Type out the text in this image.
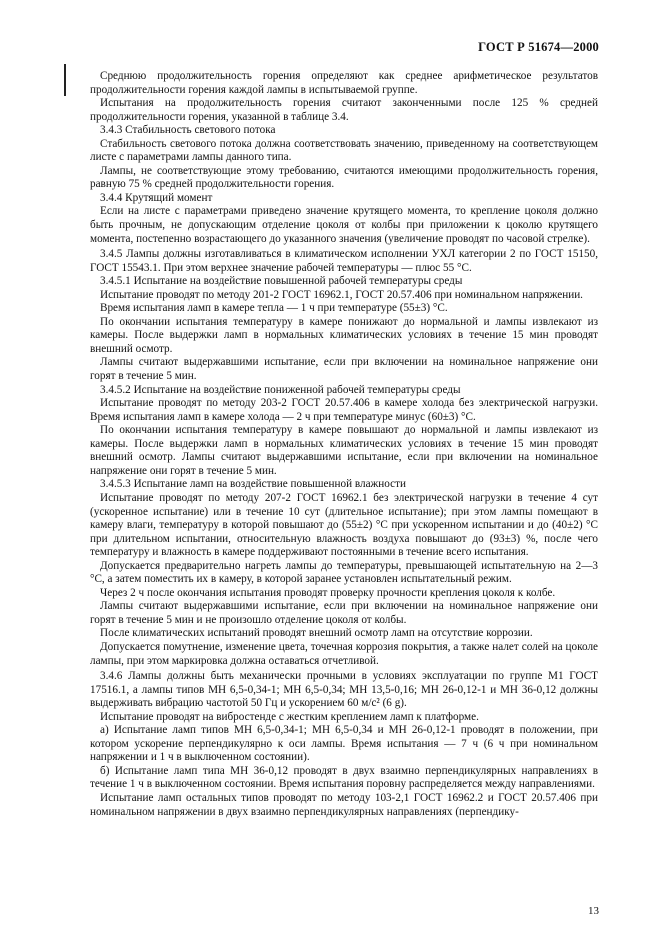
ГОСТ Р 51674—2000

Среднюю продолжительность горения определяют как среднее арифметическое результатов продолжительности горения каждой лампы в испытываемой группе.

Испытания на продолжительность горения считают законченными после 125 % средней продолжительности горения, указанной в таблице 3.4.

3.4.3 Стабильность светового потока

Стабильность светового потока должна соответствовать значению, приведенному на соответствующем листе с параметрами лампы данного типа.

Лампы, не соответствующие этому требованию, считаются имеющими продолжительность горения, равную 75 % средней продолжительности горения.

3.4.4 Крутящий момент

Если на листе с параметрами приведено значение крутящего момента, то крепление цоколя должно быть прочным, не допускающим отделение цоколя от колбы при приложении к цоколю крутящего момента, постепенно возрастающего до указанного значения (увеличение проводят по часовой стрелке).

3.4.5 Лампы должны изготавливаться в климатическом исполнении УХЛ категории 2 по ГОСТ 15150, ГОСТ 15543.1. При этом верхнее значение рабочей температуры — плюс 55 °С.

3.4.5.1 Испытание на воздействие повышенной рабочей температуры среды

Испытание проводят по методу 201-2 ГОСТ 16962.1, ГОСТ 20.57.406 при номинальном напряжении.

Время испытания ламп в камере тепла — 1 ч при температуре (55±3) °С.

По окончании испытания температуру в камере понижают до нормальной и лампы извлекают из камеры. После выдержки ламп в нормальных климатических условиях в течение 15 мин проводят внешний осмотр.

Лампы считают выдержавшими испытание, если при включении на номинальное напряжение они горят в течение 5 мин.

3.4.5.2 Испытание на воздействие пониженной рабочей температуры среды

Испытание проводят по методу 203-2 ГОСТ 20.57.406 в камере холода без электрической нагрузки. Время испытания ламп в камере холода — 2 ч при температуре минус (60±3) °С.

По окончании испытания температуру в камере повышают до нормальной и лампы извлекают из камеры. После выдержки ламп в нормальных климатических условиях в течение 15 мин проводят внешний осмотр. Лампы считают выдержавшими испытание, если при включении на номинальное напряжение они горят в течение 5 мин.

3.4.5.3 Испытание ламп на воздействие повышенной влажности

Испытание проводят по методу 207-2 ГОСТ 16962.1 без электрической нагрузки в течение 4 сут (ускоренное испытание) или в течение 10 сут (длительное испытание); при этом лампы помещают в камеру влаги, температуру в которой повышают до (55±2) °С при ускоренном испытании и до (40±2) °С при длительном испытании, относительную влажность воздуха повышают до (93±3) %, после чего температуру и влажность в камере поддерживают постоянными в течение всего испытания.

Допускается предварительно нагреть лампы до температуры, превышающей испытательную на 2—3 °С, а затем поместить их в камеру, в которой заранее установлен испытательный режим.

Через 2 ч после окончания испытания проводят проверку прочности крепления цоколя к колбе.

Лампы считают выдержавшими испытание, если при включении на номинальное напряжение они горят в течение 5 мин и не произошло отделение цоколя от колбы.

После климатических испытаний проводят внешний осмотр ламп на отсутствие коррозии.

Допускается помутнение, изменение цвета, точечная коррозия покрытия, а также налет солей на цоколе лампы, при этом маркировка должна оставаться отчетливой.

3.4.6 Лампы должны быть механически прочными в условиях эксплуатации по группе М1 ГОСТ 17516.1, а лампы типов МН 6,5-0,34-1; МН 6,5-0,34; МН 13,5-0,16; МН 26-0,12-1 и МН 36-0,12 должны выдерживать вибрацию частотой 50 Гц и ускорением 60 м/с² (6 g).

Испытание проводят на вибростенде с жестким креплением ламп к платформе.

а) Испытание ламп типов МН 6,5-0,34-1; МН 6,5-0,34 и МН 26-0,12-1 проводят в положении, при котором ускорение перпендикулярно к оси лампы. Время испытания — 7 ч (6 ч при номинальном напряжении и 1 ч в выключенном состоянии).

б) Испытание ламп типа МН 36-0,12 проводят в двух взаимно перпендикулярных направлениях в течение 1 ч в выключенном состоянии. Время испытания поровну распределяется между направлениями.

Испытание ламп остальных типов проводят по методу 103-2,1 ГОСТ 16962.2 и ГОСТ 20.57.406 при номинальном напряжении в двух взаимно перпендикулярных направлениях (перпендику-

13
